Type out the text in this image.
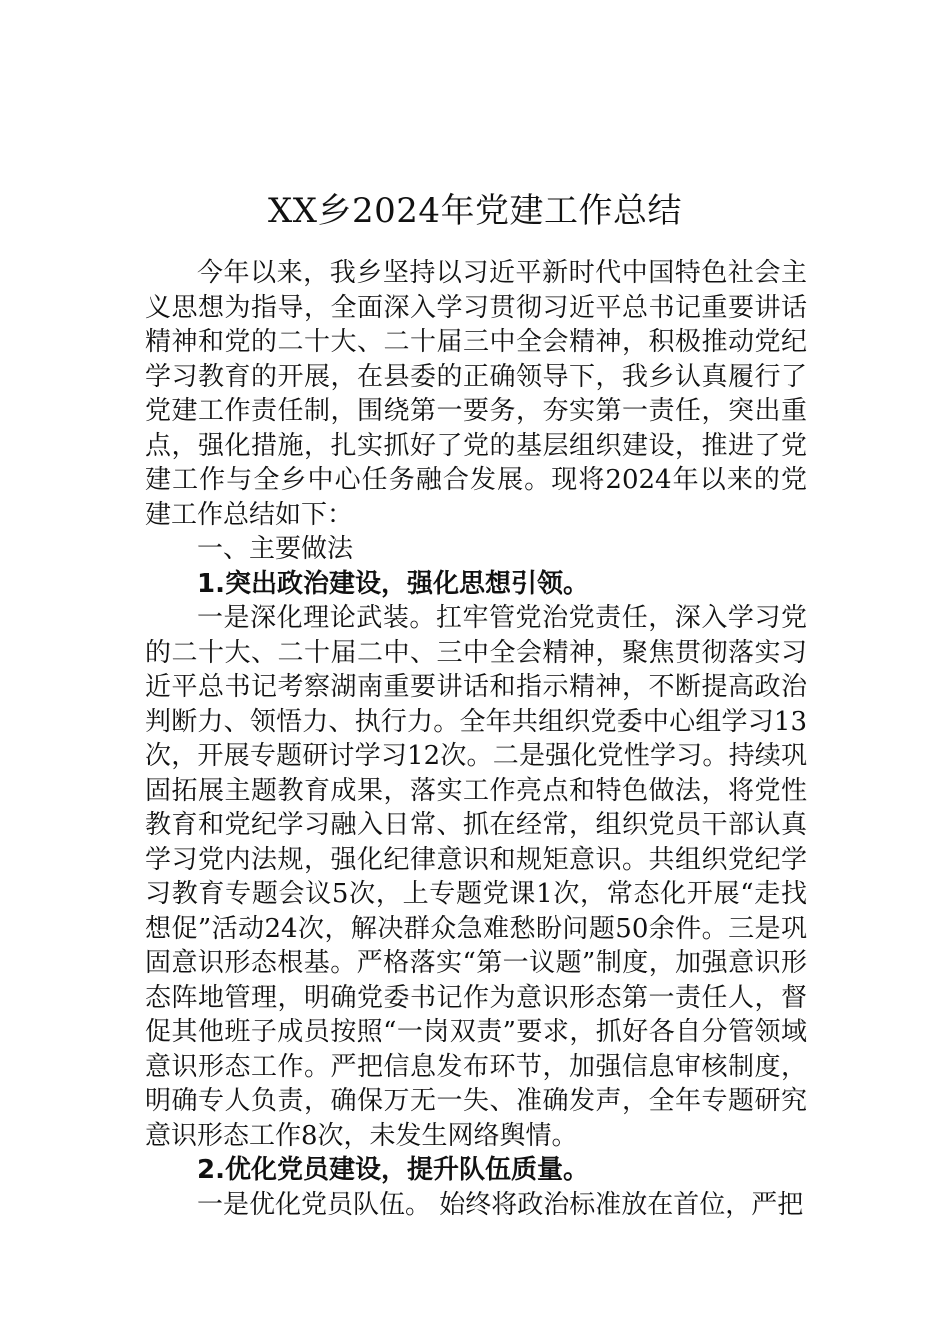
XX乡2024年党建工作总结

今年以来，我乡坚持以习近平新时代中国特色社会主义思想为指导，全面深入学习贯彻习近平总书记重要讲话精神和党的二十大、二十届三中全会精神，积极推动党纪学习教育的开展，在县委的正确领导下，我乡认真履行了党建工作责任制，围绕第一要务，夯实第一责任，突出重点，强化措施，扎实抓好了党的基层组织建设，推进了党建工作与全乡中心任务融合发展。现将2024年以来的党建工作总结如下：

一、主要做法

1.突出政治建设，强化思想引领。

一是深化理论武装。扛牢管党治党责任，深入学习党的二十大、二十届二中、三中全会精神，聚焦贯彻落实习近平总书记考察湖南重要讲话和指示精神，不断提高政治判断力、领悟力、执行力。全年共组织党委中心组学习13次，开展专题研讨学习12次。二是强化党性学习。持续巩固拓展主题教育成果，落实工作亮点和特色做法，将党性教育和党纪学习融入日常、抓在经常，组织党员干部认真学习党内法规，强化纪律意识和规矩意识。共组织党纪学习教育专题会议5次，上专题党课1次，常态化开展“走找想促”活动24次，解决群众急难愁盼问题50余件。三是巩固意识形态根基。严格落实“第一议题”制度，加强意识形态阵地管理，明确党委书记作为意识形态第一责任人，督促其他班子成员按照“一岗双责”要求，抓好各自分管领域意识形态工作。严把信息发布环节，加强信息审核制度，明确专人负责，确保万无一失、准确发声，全年专题研究意识形态工作8次，未发生网络舆情。

2.优化党员建设，提升队伍质量。

一是优化党员队伍。 始终将政治标准放在首位，严把
